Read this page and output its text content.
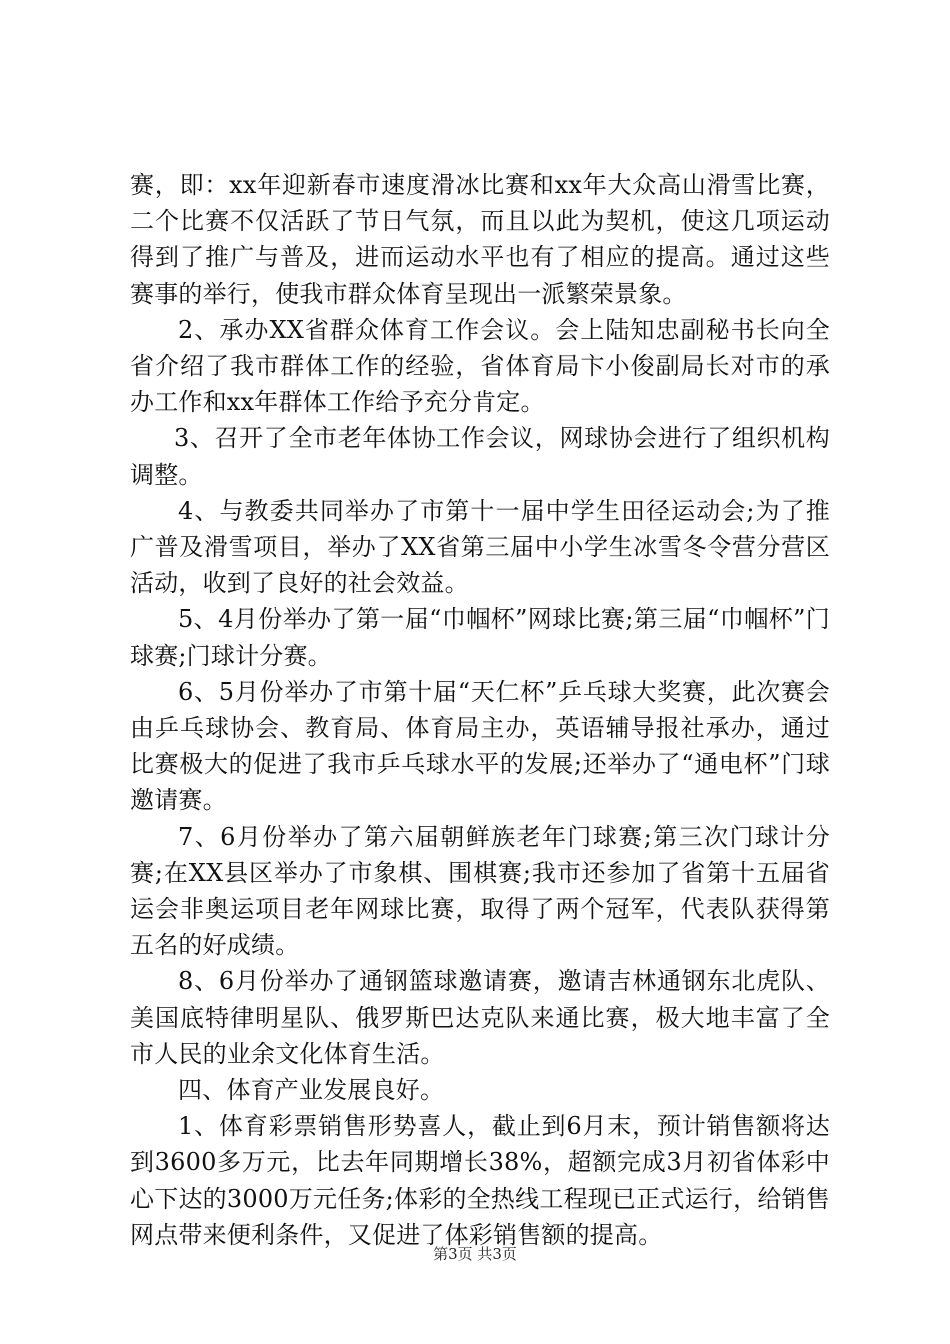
赛，即：xx年迎新春市速度滑冰比赛和xx年大众高山滑雪比赛，二个比赛不仅活跃了节日气氛，而且以此为契机，使这几项运动得到了推广与普及，进而运动水平也有了相应的提高。通过这些赛事的举行，使我市群众体育呈现出一派繁荣景象。

2、承办XX省群众体育工作会议。会上陆知忠副秘书长向全省介绍了我市群体工作的经验，省体育局卞小俊副局长对市的承办工作和xx年群体工作给予充分肯定。

3、召开了全市老年体协工作会议，网球协会进行了组织机构调整。

4、与教委共同举办了市第十一届中学生田径运动会;为了推广普及滑雪项目，举办了XX省第三届中小学生冰雪冬令营分营区活动，收到了良好的社会效益。

5、4月份举办了第一届“巾帼杯”网球比赛;第三届“巾帼杯”门球赛;门球计分赛。

6、5月份举办了市第十届“天仁杯”乒乓球大奖赛，此次赛会由乒乓球协会、教育局、体育局主办，英语辅导报社承办，通过比赛极大的促进了我市乒乓球水平的发展;还举办了“通电杯”门球邀请赛。

7、6月份举办了第六届朝鲜族老年门球赛;第三次门球计分赛;在XX县区举办了市象棋、围棋赛;我市还参加了省第十五届省运会非奥运项目老年网球比赛，取得了两个冠军，代表队获得第五名的好成绩。

8、6月份举办了通钢篮球邀请赛，邀请吉林通钢东北虎队、美国底特律明星队、俄罗斯巴达克队来通比赛，极大地丰富了全市人民的业余文化体育生活。

四、体育产业发展良好。

1、体育彩票销售形势喜人，截止到6月末，预计销售额将达到3600多万元，比去年同期增长38%，超额完成3月初省体彩中心下达的3000万元任务;体彩的全热线工程现已正式运行，给销售网点带来便利条件，又促进了体彩销售额的提高。

第3页 共3页
